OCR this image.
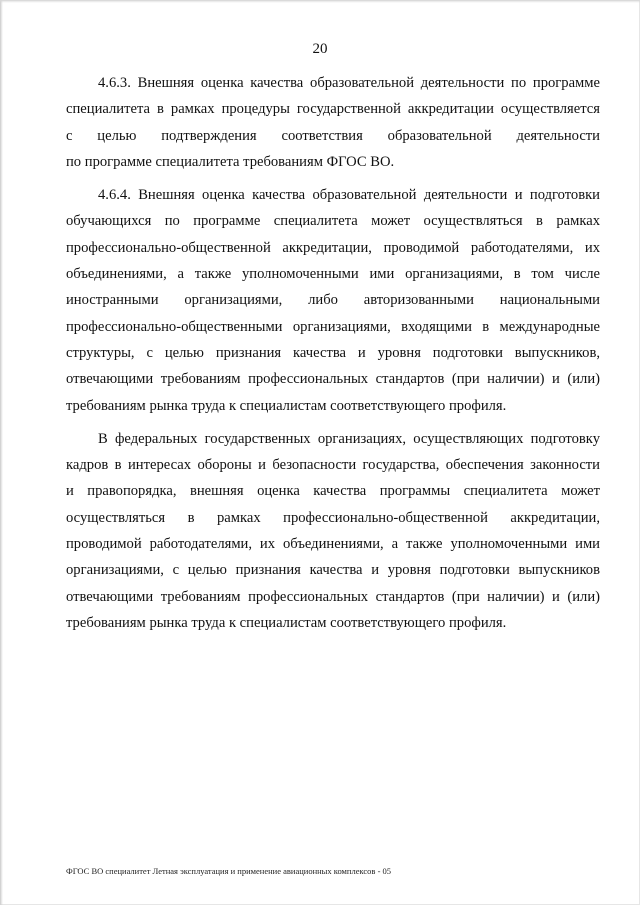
20
4.6.3. Внешняя оценка качества образовательной деятельности по программе
специалитета в рамках процедуры государственной аккредитации осуществляется
с целью подтверждения соответствия образовательной деятельности
по программе специалитета требованиям ФГОС ВО.
4.6.4. Внешняя оценка качества образовательной деятельности и подготовки
обучающихся по программе специалитета может осуществляться в рамках
профессионально-общественной аккредитации, проводимой работодателями, их
объединениями, а также уполномоченными ими организациями, в том числе
иностранными организациями, либо авторизованными национальными
профессионально-общественными организациями, входящими в международные
структуры, с целью признания качества и уровня подготовки выпускников,
отвечающими требованиям профессиональных стандартов (при наличии) и (или)
требованиям рынка труда к специалистам соответствующего профиля.
В федеральных государственных организациях, осуществляющих подготовку
кадров в интересах обороны и безопасности государства, обеспечения законности
и правопорядка, внешняя оценка качества программы специалитета может
осуществляться в рамках профессионально-общественной аккредитации,
проводимой работодателями, их объединениями, а также уполномоченными ими
организациями, с целью признания качества и уровня подготовки выпускников
отвечающими требованиям профессиональных стандартов (при наличии) и (или)
требованиям рынка труда к специалистам соответствующего профиля.
ФГОС ВО специалитет Летная эксплуатация и применение авиационных комплексов - 05
